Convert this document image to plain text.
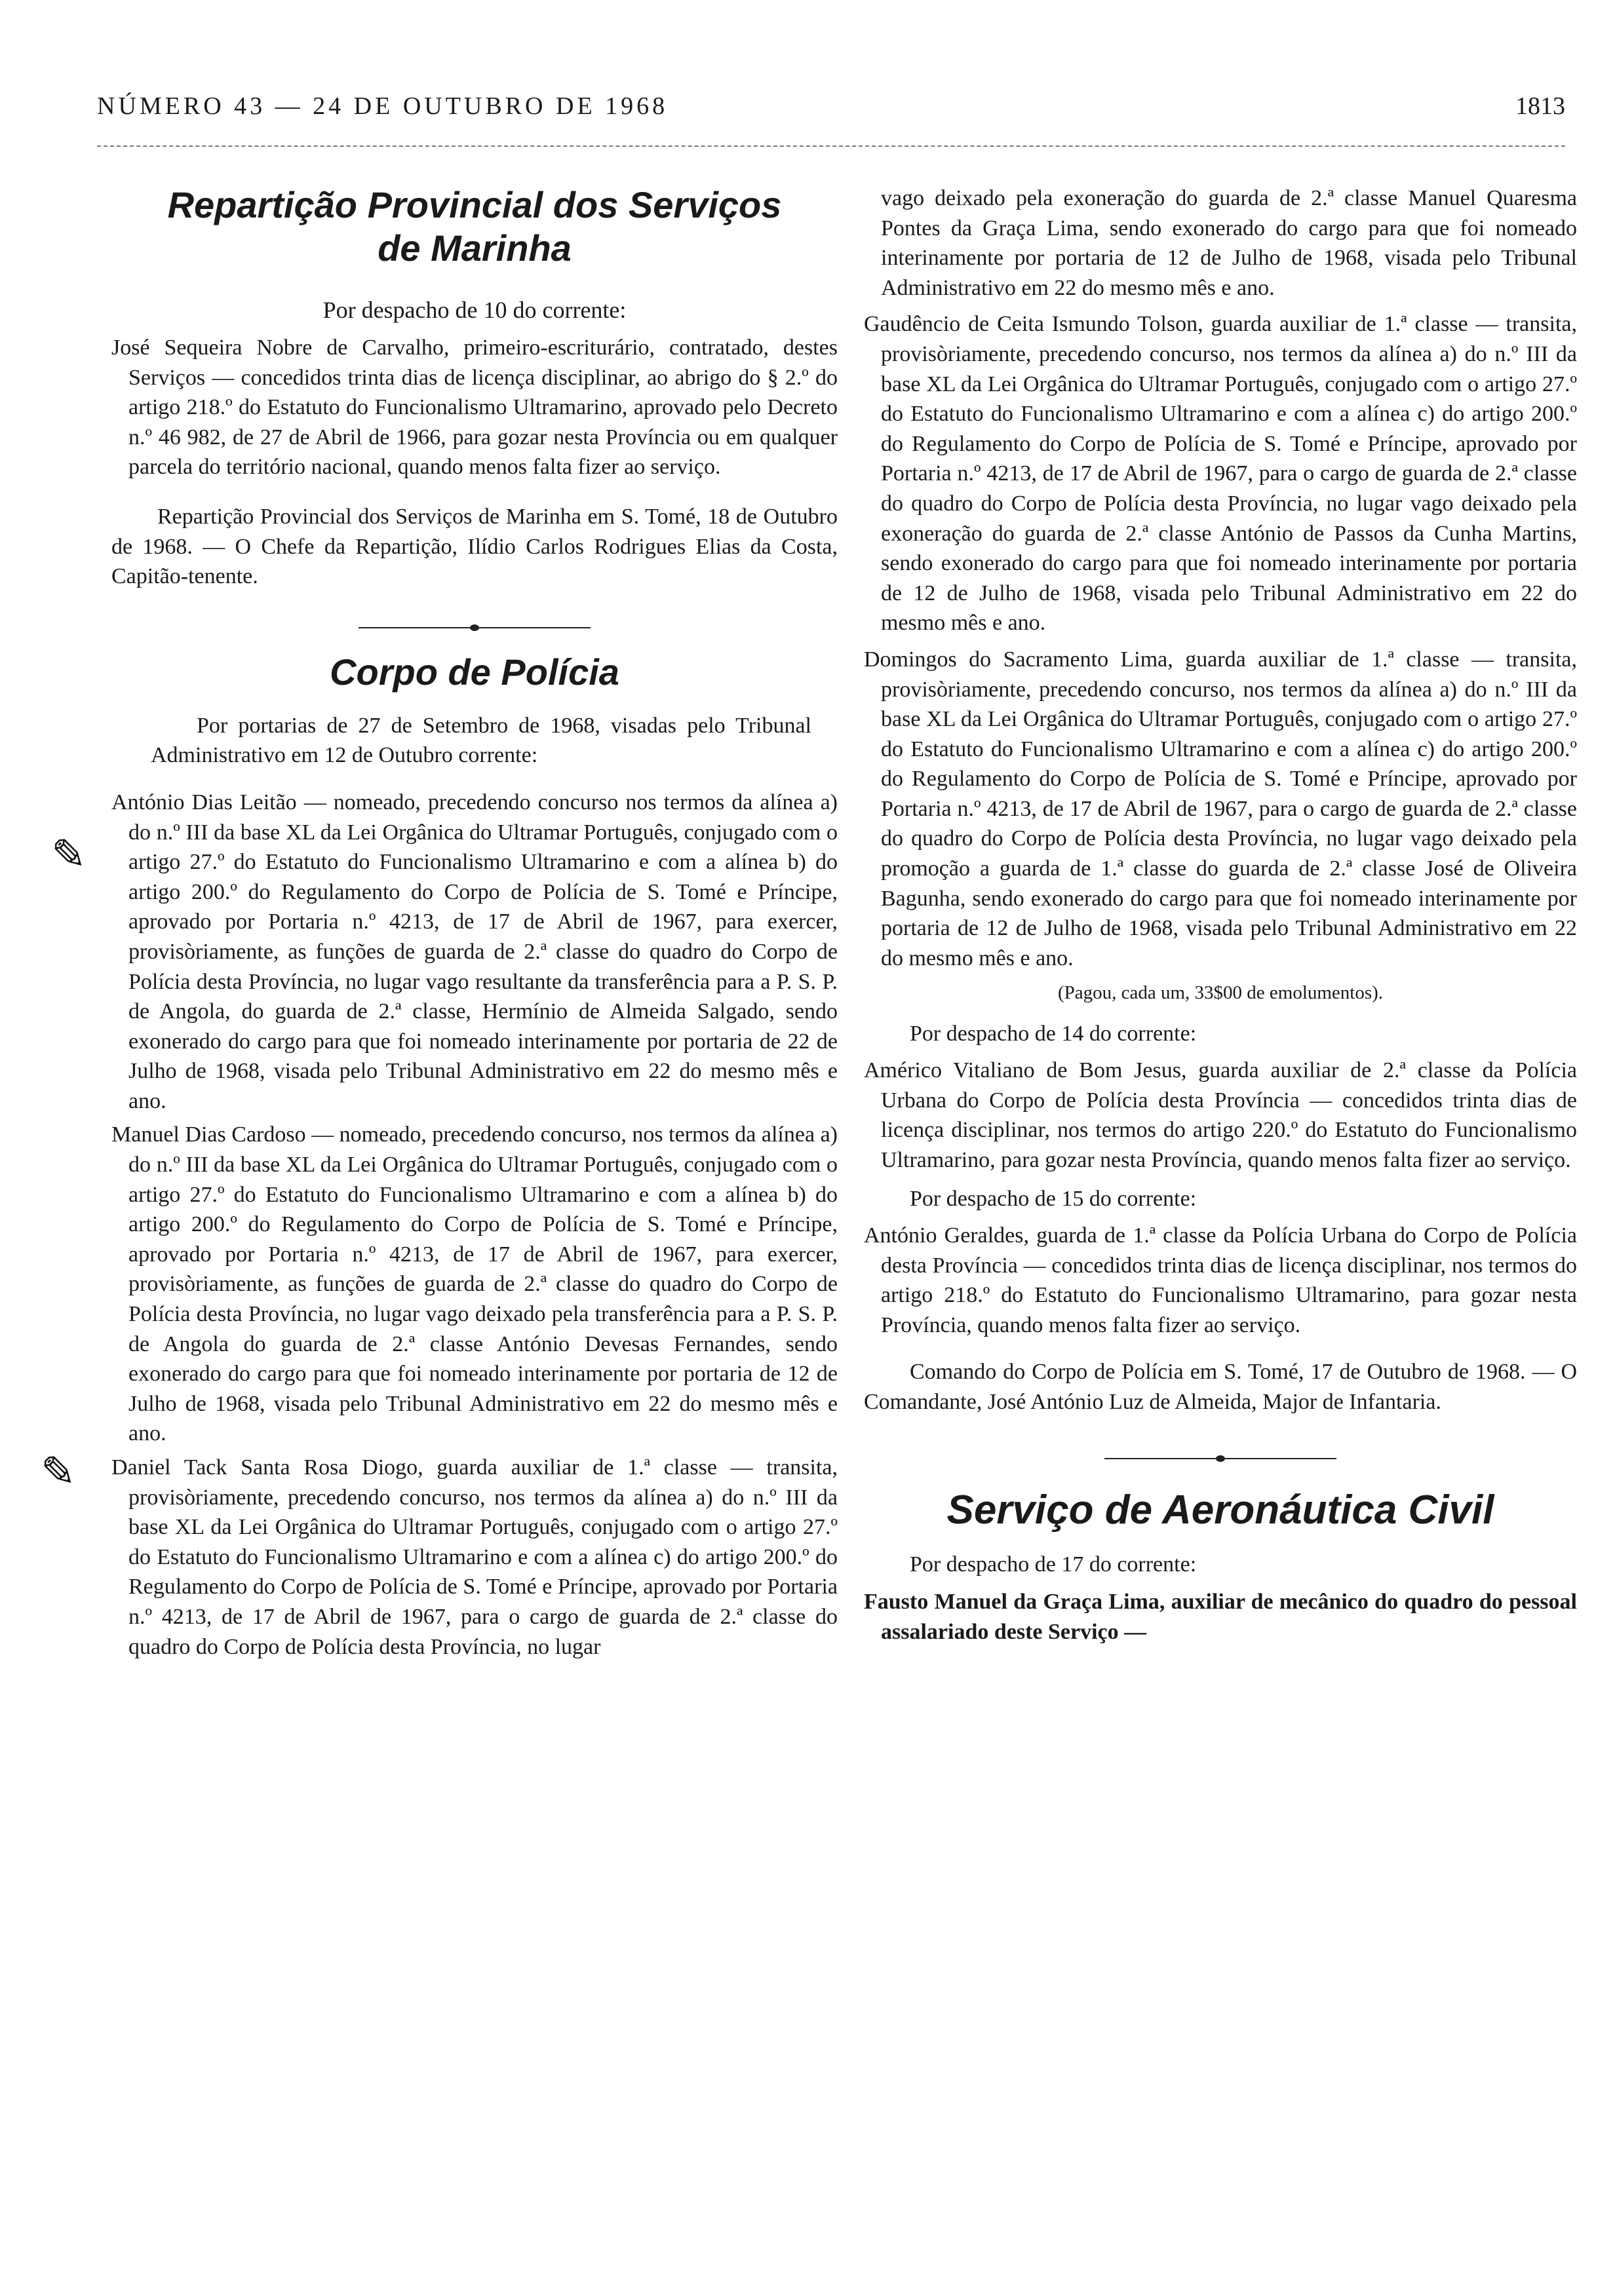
NÚMERO 43 — 24 DE OUTUBRO DE 1968	1813
✎
✎
Repartição Provincial dos Serviços
de Marinha
Por despacho de 10 do corrente:

José Sequeira Nobre de Carvalho, primeiro-escriturário, contratado, destes Serviços — concedidos trinta dias de licença disciplinar, ao abrigo do § 2.º do artigo 218.º do Estatuto do Funcionalismo Ultramarino, aprovado pelo Decreto n.º 46 982, de 27 de Abril de 1966, para gozar nesta Província ou em qualquer parcela do território nacional, quando menos falta fizer ao serviço.

Repartição Provincial dos Serviços de Marinha em S. Tomé, 18 de Outubro de 1968. — O Chefe da Repartição, Ilídio Carlos Rodrigues Elias da Costa, Capitão-tenente.

Corpo de Polícia

Por portarias de 27 de Setembro de 1968, visadas pelo Tribunal Administrativo em 12 de Outubro corrente:

António Dias Leitão — nomeado, precedendo concurso nos termos da alínea a) do n.º III da base XL da Lei Orgânica do Ultramar Português, conjugado com o artigo 27.º do Estatuto do Funcionalismo Ultramarino e com a alínea b) do artigo 200.º do Regulamento do Corpo de Polícia de S. Tomé e Príncipe, aprovado por Portaria n.º 4213, de 17 de Abril de 1967, para exercer, provisòriamente, as funções de guarda de 2.ª classe do quadro do Corpo de Polícia desta Província, no lugar vago resultante da transferência para a P. S. P. de Angola, do guarda de 2.ª classe, Hermínio de Almeida Salgado, sendo exonerado do cargo para que foi nomeado interinamente por portaria de 22 de Julho de 1968, visada pelo Tribunal Administrativo em 22 do mesmo mês e ano.

Manuel Dias Cardoso — nomeado, precedendo concurso, nos termos da alínea a) do n.º III da base XL da Lei Orgânica do Ultramar Português, conjugado com o artigo 27.º do Estatuto do Funcionalismo Ultramarino e com a alínea b) do artigo 200.º do Regulamento do Corpo de Polícia de S. Tomé e Príncipe, aprovado por Portaria n.º 4213, de 17 de Abril de 1967, para exercer, provisòriamente, as funções de guarda de 2.ª classe do quadro do Corpo de Polícia desta Província, no lugar vago deixado pela transferência para a P. S. P. de Angola do guarda de 2.ª classe António Devesas Fernandes, sendo exonerado do cargo para que foi nomeado interinamente por portaria de 12 de Julho de 1968, visada pelo Tribunal Administrativo em 22 do mesmo mês e ano.

Daniel Tack Santa Rosa Diogo, guarda auxiliar de 1.ª classe — transita, provisòriamente, precedendo concurso, nos termos da alínea a) do n.º III da base XL da Lei Orgânica do Ultramar Português, conjugado com o artigo 27.º do Estatuto do Funcionalismo Ultramarino e com a alínea c) do artigo 200.º do Regulamento do Corpo de Polícia de S. Tomé e Príncipe, aprovado por Portaria n.º 4213, de 17 de Abril de 1967, para o cargo de guarda de 2.ª classe do quadro do Corpo de Polícia desta Província, no lugar

vago deixado pela exoneração do guarda de 2.ª classe Manuel Quaresma Pontes da Graça Lima, sendo exonerado do cargo para que foi nomeado interinamente por portaria de 12 de Julho de 1968, visada pelo Tribunal Administrativo em 22 do mesmo mês e ano.

Gaudêncio de Ceita Ismundo Tolson, guarda auxiliar de 1.ª classe — transita, provisòriamente, precedendo concurso, nos termos da alínea a) do n.º III da base XL da Lei Orgânica do Ultramar Português, conjugado com o artigo 27.º do Estatuto do Funcionalismo Ultramarino e com a alínea c) do artigo 200.º do Regulamento do Corpo de Polícia de S. Tomé e Príncipe, aprovado por Portaria n.º 4213, de 17 de Abril de 1967, para o cargo de guarda de 2.ª classe do quadro do Corpo de Polícia desta Província, no lugar vago deixado pela exoneração do guarda de 2.ª classe António de Passos da Cunha Martins, sendo exonerado do cargo para que foi nomeado interinamente por portaria de 12 de Julho de 1968, visada pelo Tribunal Administrativo em 22 do mesmo mês e ano.

Domingos do Sacramento Lima, guarda auxiliar de 1.ª classe — transita, provisòriamente, precedendo concurso, nos termos da alínea a) do n.º III da base XL da Lei Orgânica do Ultramar Português, conjugado com o artigo 27.º do Estatuto do Funcionalismo Ultramarino e com a alínea c) do artigo 200.º do Regulamento do Corpo de Polícia de S. Tomé e Príncipe, aprovado por Portaria n.º 4213, de 17 de Abril de 1967, para o cargo de guarda de 2.ª classe do quadro do Corpo de Polícia desta Província, no lugar vago deixado pela promoção a guarda de 1.ª classe do guarda de 2.ª classe José de Oliveira Bagunha, sendo exonerado do cargo para que foi nomeado interinamente por portaria de 12 de Julho de 1968, visada pelo Tribunal Administrativo em 22 do mesmo mês e ano.

(Pagou, cada um, 33$00 de emolumentos).

Por despacho de 14 do corrente:

Américo Vitaliano de Bom Jesus, guarda auxiliar de 2.ª classe da Polícia Urbana do Corpo de Polícia desta Província — concedidos trinta dias de licença disciplinar, nos termos do artigo 220.º do Estatuto do Funcionalismo Ultramarino, para gozar nesta Província, quando menos falta fizer ao serviço.

Por despacho de 15 do corrente:

António Geraldes, guarda de 1.ª classe da Polícia Urbana do Corpo de Polícia desta Província — concedidos trinta dias de licença disciplinar, nos termos do artigo 218.º do Estatuto do Funcionalismo Ultramarino, para gozar nesta Província, quando menos falta fizer ao serviço.

Comando do Corpo de Polícia em S. Tomé, 17 de Outubro de 1968. — O Comandante, José António Luz de Almeida, Major de Infantaria.

Serviço de Aeronáutica Civil

Por despacho de 17 do corrente:

Fausto Manuel da Graça Lima, auxiliar de mecânico do quadro do pessoal assalariado deste Serviço —
